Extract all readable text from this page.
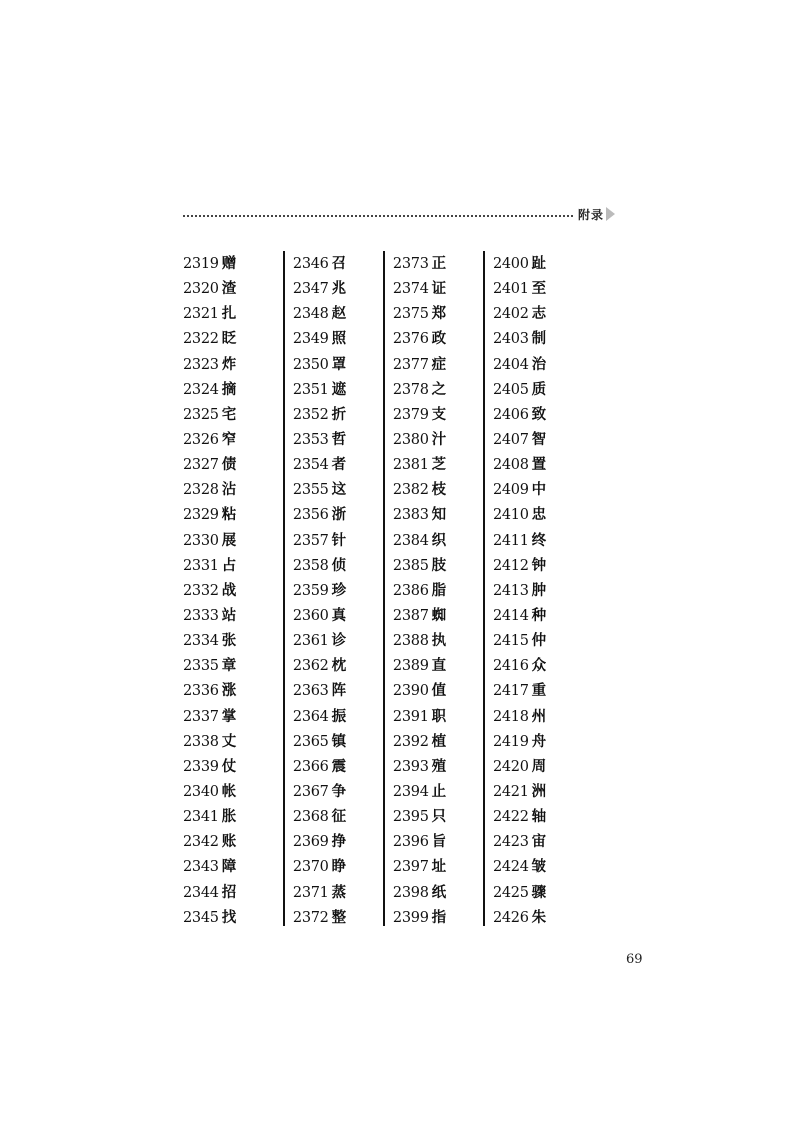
附录
2319 赠
2320 渣
2321 扎
2322 眨
2323 炸
2324 摘
2325 宅
2326 窄
2327 债
2328 沾
2329 粘
2330 展
2331 占
2332 战
2333 站
2334 张
2335 章
2336 涨
2337 掌
2338 丈
2339 仗
2340 帐
2341 胀
2342 账
2343 障
2344 招
2345 找
2346 召
2347 兆
2348 赵
2349 照
2350 罩
2351 遮
2352 折
2353 哲
2354 者
2355 这
2356 浙
2357 针
2358 侦
2359 珍
2360 真
2361 诊
2362 枕
2363 阵
2364 振
2365 镇
2366 震
2367 争
2368 征
2369 挣
2370 睁
2371 蒸
2372 整
2373 正
2374 证
2375 郑
2376 政
2377 症
2378 之
2379 支
2380 汁
2381 芝
2382 枝
2383 知
2384 织
2385 肢
2386 脂
2387 蜘
2388 执
2389 直
2390 值
2391 职
2392 植
2393 殖
2394 止
2395 只
2396 旨
2397 址
2398 纸
2399 指
2400 趾
2401 至
2402 志
2403 制
2404 治
2405 质
2406 致
2407 智
2408 置
2409 中
2410 忠
2411 终
2412 钟
2413 肿
2414 种
2415 仲
2416 众
2417 重
2418 州
2419 舟
2420 周
2421 洲
2422 轴
2423 宙
2424 皱
2425 骤
2426 朱
69
